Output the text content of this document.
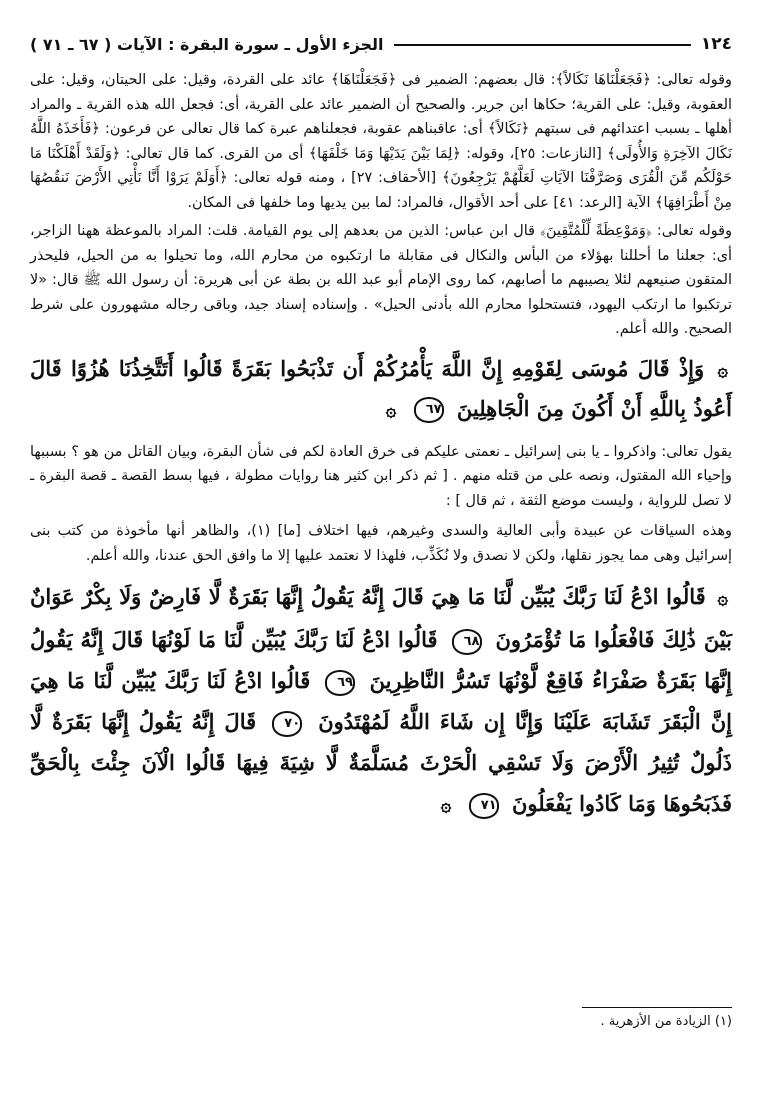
١٢٤
الجزء الأول ـ سورة البقرة : الآيات ( ٦٧ ـ ٧١ )

وقوله تعالى: ﴿فَجَعَلْنَاهَا نَكَالاً﴾: قال بعضهم: الضمير فى ﴿فَجَعَلْنَاهَا﴾ عائد على القردة، وقيل: على الحيتان، وقيل: على العقوبة، وقيل: على القرية؛ حكاها ابن جرير. والصحيح أن الضمير عائد على القرية، أى: فجعل الله هذه القرية ـ والمراد أهلها ـ بسبب اعتدائهم فى سبتهم ﴿نَكَالاً﴾ أى: عاقبناهم عقوبة، فجعلناهم عبرة كما قال تعالى عن فرعون: ﴿فَأَخَذَهُ اللَّهُ نَكَالَ الآخِرَةِ وَالأُولَى﴾ [النازعات: ٢٥]، وقوله: ﴿لِمَا بَيْنَ يَدَيْهَا وَمَا خَلْفَهَا﴾ أى من القرى. كما قال تعالى: ﴿وَلَقَدْ أَهْلَكْنَا مَا حَوْلَكُم مِّنَ الْقُرَى وَصَرَّفْنَا الآيَاتِ لَعَلَّهُمْ يَرْجِعُونَ﴾ [الأحقاف: ٢٧] ، ومنه قوله تعالى: ﴿أَوَلَمْ يَرَوْا أَنَّا نَأْتِي الأَرْضَ نَنقُصُهَا مِنْ أَطْرَافِهَا﴾ الآية [الرعد: ٤١] على أحد الأقوال، فالمراد: لما بين يديها وما خلفها فى المكان.

وقوله تعالى: ﴿وَمَوْعِظَةً لِّلْمُتَّقِينَ﴾ قال ابن عباس: الذين من بعدهم إلى يوم القيامة. قلت: المراد بالموعظة ههنا الزاجر، أى: جعلنا ما أحللنا بهؤلاء من البأس والنكال فى مقابلة ما ارتكبوه من محارم الله، وما تحيلوا به من الحيل، فليحذر المتقون صنيعهم لئلا يصيبهم ما أصابهم، كما روى الإمام أبو عبد الله بن بطة عن أبى هريرة: أن رسول الله ﷺ قال: «لا ترتكبوا ما ارتكب اليهود، فتستحلوا محارم الله بأدنى الحيل» . وإسناده إسناد جيد، وباقى رجاله مشهورون على شرط الصحيح. والله أعلم.

۞ وَإِذْ قَالَ مُوسَى لِقَوْمِهِ إِنَّ اللَّهَ يَأْمُرُكُمْ أَن تَذْبَحُوا بَقَرَةً قَالُوا أَتَتَّخِذُنَا هُزُوًا قَالَ أَعُوذُ بِاللَّهِ أَنْ أَكُونَ مِنَ الْجَاهِلِينَ ٦٧ ۞

يقول تعالى: واذكروا ـ يا بنى إسرائيل ـ نعمتى عليكم فى خرق العادة لكم فى شأن البقرة، وبيان القاتل من هو ؟ بسببها وإحياء الله المقتول، ونصه على من قتله منهم . [ ثم ذكر ابن كثير هنا روايات مطولة ، فيها بسط القصة ـ قصة البقرة ـ لا تصل للرواية ، وليست موضع الثقة ، ثم قال ] :

وهذه السياقات عن عبيدة وأبى العالية والسدى وغيرهم، فيها اختلاف [ما] (١)، والظاهر أنها مأخوذة من كتب بنى إسرائيل وهى مما يجوز نقلها، ولكن لا نصدق ولا نُكَذِّب، فلهذا لا نعتمد عليها إلا ما وافق الحق عندنا، والله أعلم.

۞ قَالُوا ادْعُ لَنَا رَبَّكَ يُبَيِّن لَّنَا مَا هِيَ قَالَ إِنَّهُ يَقُولُ إِنَّهَا بَقَرَةٌ لَّا فَارِضٌ وَلَا بِكْرٌ عَوَانٌ بَيْنَ ذَٰلِكَ فَافْعَلُوا مَا تُؤْمَرُونَ ٦٨ قَالُوا ادْعُ لَنَا رَبَّكَ يُبَيِّن لَّنَا مَا لَوْنُهَا قَالَ إِنَّهُ يَقُولُ إِنَّهَا بَقَرَةٌ صَفْرَاءُ فَاقِعٌ لَّوْنُهَا تَسُرُّ النَّاظِرِينَ ٦٩ قَالُوا ادْعُ لَنَا رَبَّكَ يُبَيِّن لَّنَا مَا هِيَ إِنَّ الْبَقَرَ تَشَابَهَ عَلَيْنَا وَإِنَّا إِن شَاءَ اللَّهُ لَمُهْتَدُونَ ٧٠ قَالَ إِنَّهُ يَقُولُ إِنَّهَا بَقَرَةٌ لَّا ذَلُولٌ تُثِيرُ الْأَرْضَ وَلَا تَسْقِي الْحَرْثَ مُسَلَّمَةٌ لَّا شِيَةَ فِيهَا قَالُوا الْآنَ جِئْتَ بِالْحَقِّ فَذَبَحُوهَا وَمَا كَادُوا يَفْعَلُونَ ٧١ ۞
(١) الزيادة من الأزهرية .
